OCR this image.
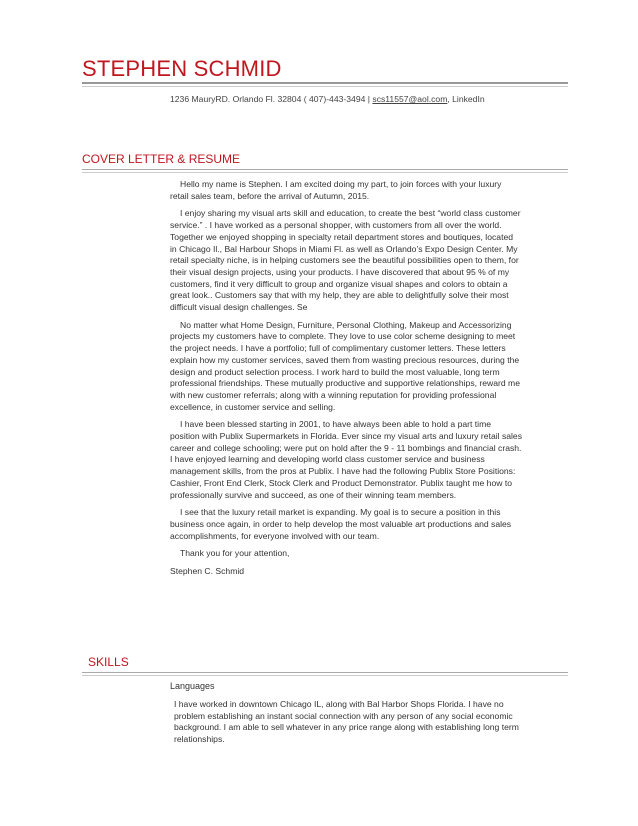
STEPHEN SCHMID
1236 MauryRD. Orlando Fl. 32804 ( 407)-443-3494 | scs11557@aol.com, LinkedIn
COVER LETTER & RESUME

Hello my name is Stephen. I am excited doing my part, to join forces with your luxury retail sales team, before the arrival of Autumn, 2015.

I enjoy sharing my visual arts skill and education, to create the best “world class customer service.” . I have worked as a personal shopper, with customers from all over the world. Together we enjoyed shopping in specialty retail department stores and boutiques, located in Chicago Il., Bal Harbour Shops in Miami Fl. as well as Orlando’s Expo Design Center. My retail specialty niche, is in helping customers see the beautiful possibilities open to them, for their visual design projects, using your products. I have discovered that about 95 % of my customers, find it very difficult to group and organize visual shapes and colors to obtain a great look.. Customers say that with my help, they are able to delightfully solve their most difficult visual design challenges. Se

No matter what Home Design, Furniture, Personal Clothing, Makeup and Accessorizing projects my customers have to complete. They love to use color scheme designing to meet the project needs. I have a portfolio; full of complimentary customer letters. These letters explain how my customer services, saved them from wasting precious resources, during the design and product selection process. I work hard to build the most valuable, long term professional friendships. These mutually productive and supportive relationships, reward me with new customer referrals; along with a winning reputation for providing professional excellence, in customer service and selling.

I have been blessed starting in 2001, to have always been able to hold a part time position with Publix Supermarkets in Florida. Ever since my visual arts and luxury retail sales career and college schooling; were put on hold after the 9 - 11 bombings and financial crash. I have enjoyed learning and developing world class customer service and business management skills, from the pros at Publix. I have had the following Publix Store Positions: Cashier, Front End Clerk, Stock Clerk and Product Demonstrator. Publix taught me how to professionally survive and succeed, as one of their winning team members.

I see that the luxury retail market is expanding. My goal is to secure a position in this business once again, in order to help develop the most valuable art productions and sales accomplishments, for everyone involved with our team.

Thank you for your attention,

Stephen C. Schmid

SKILLS
Languages

I have worked in downtown Chicago IL, along with Bal Harbor Shops Florida. I have no problem establishing an instant social connection with any person of any social economic background. I am able to sell whatever in any price range along with establishing long term relationships.
